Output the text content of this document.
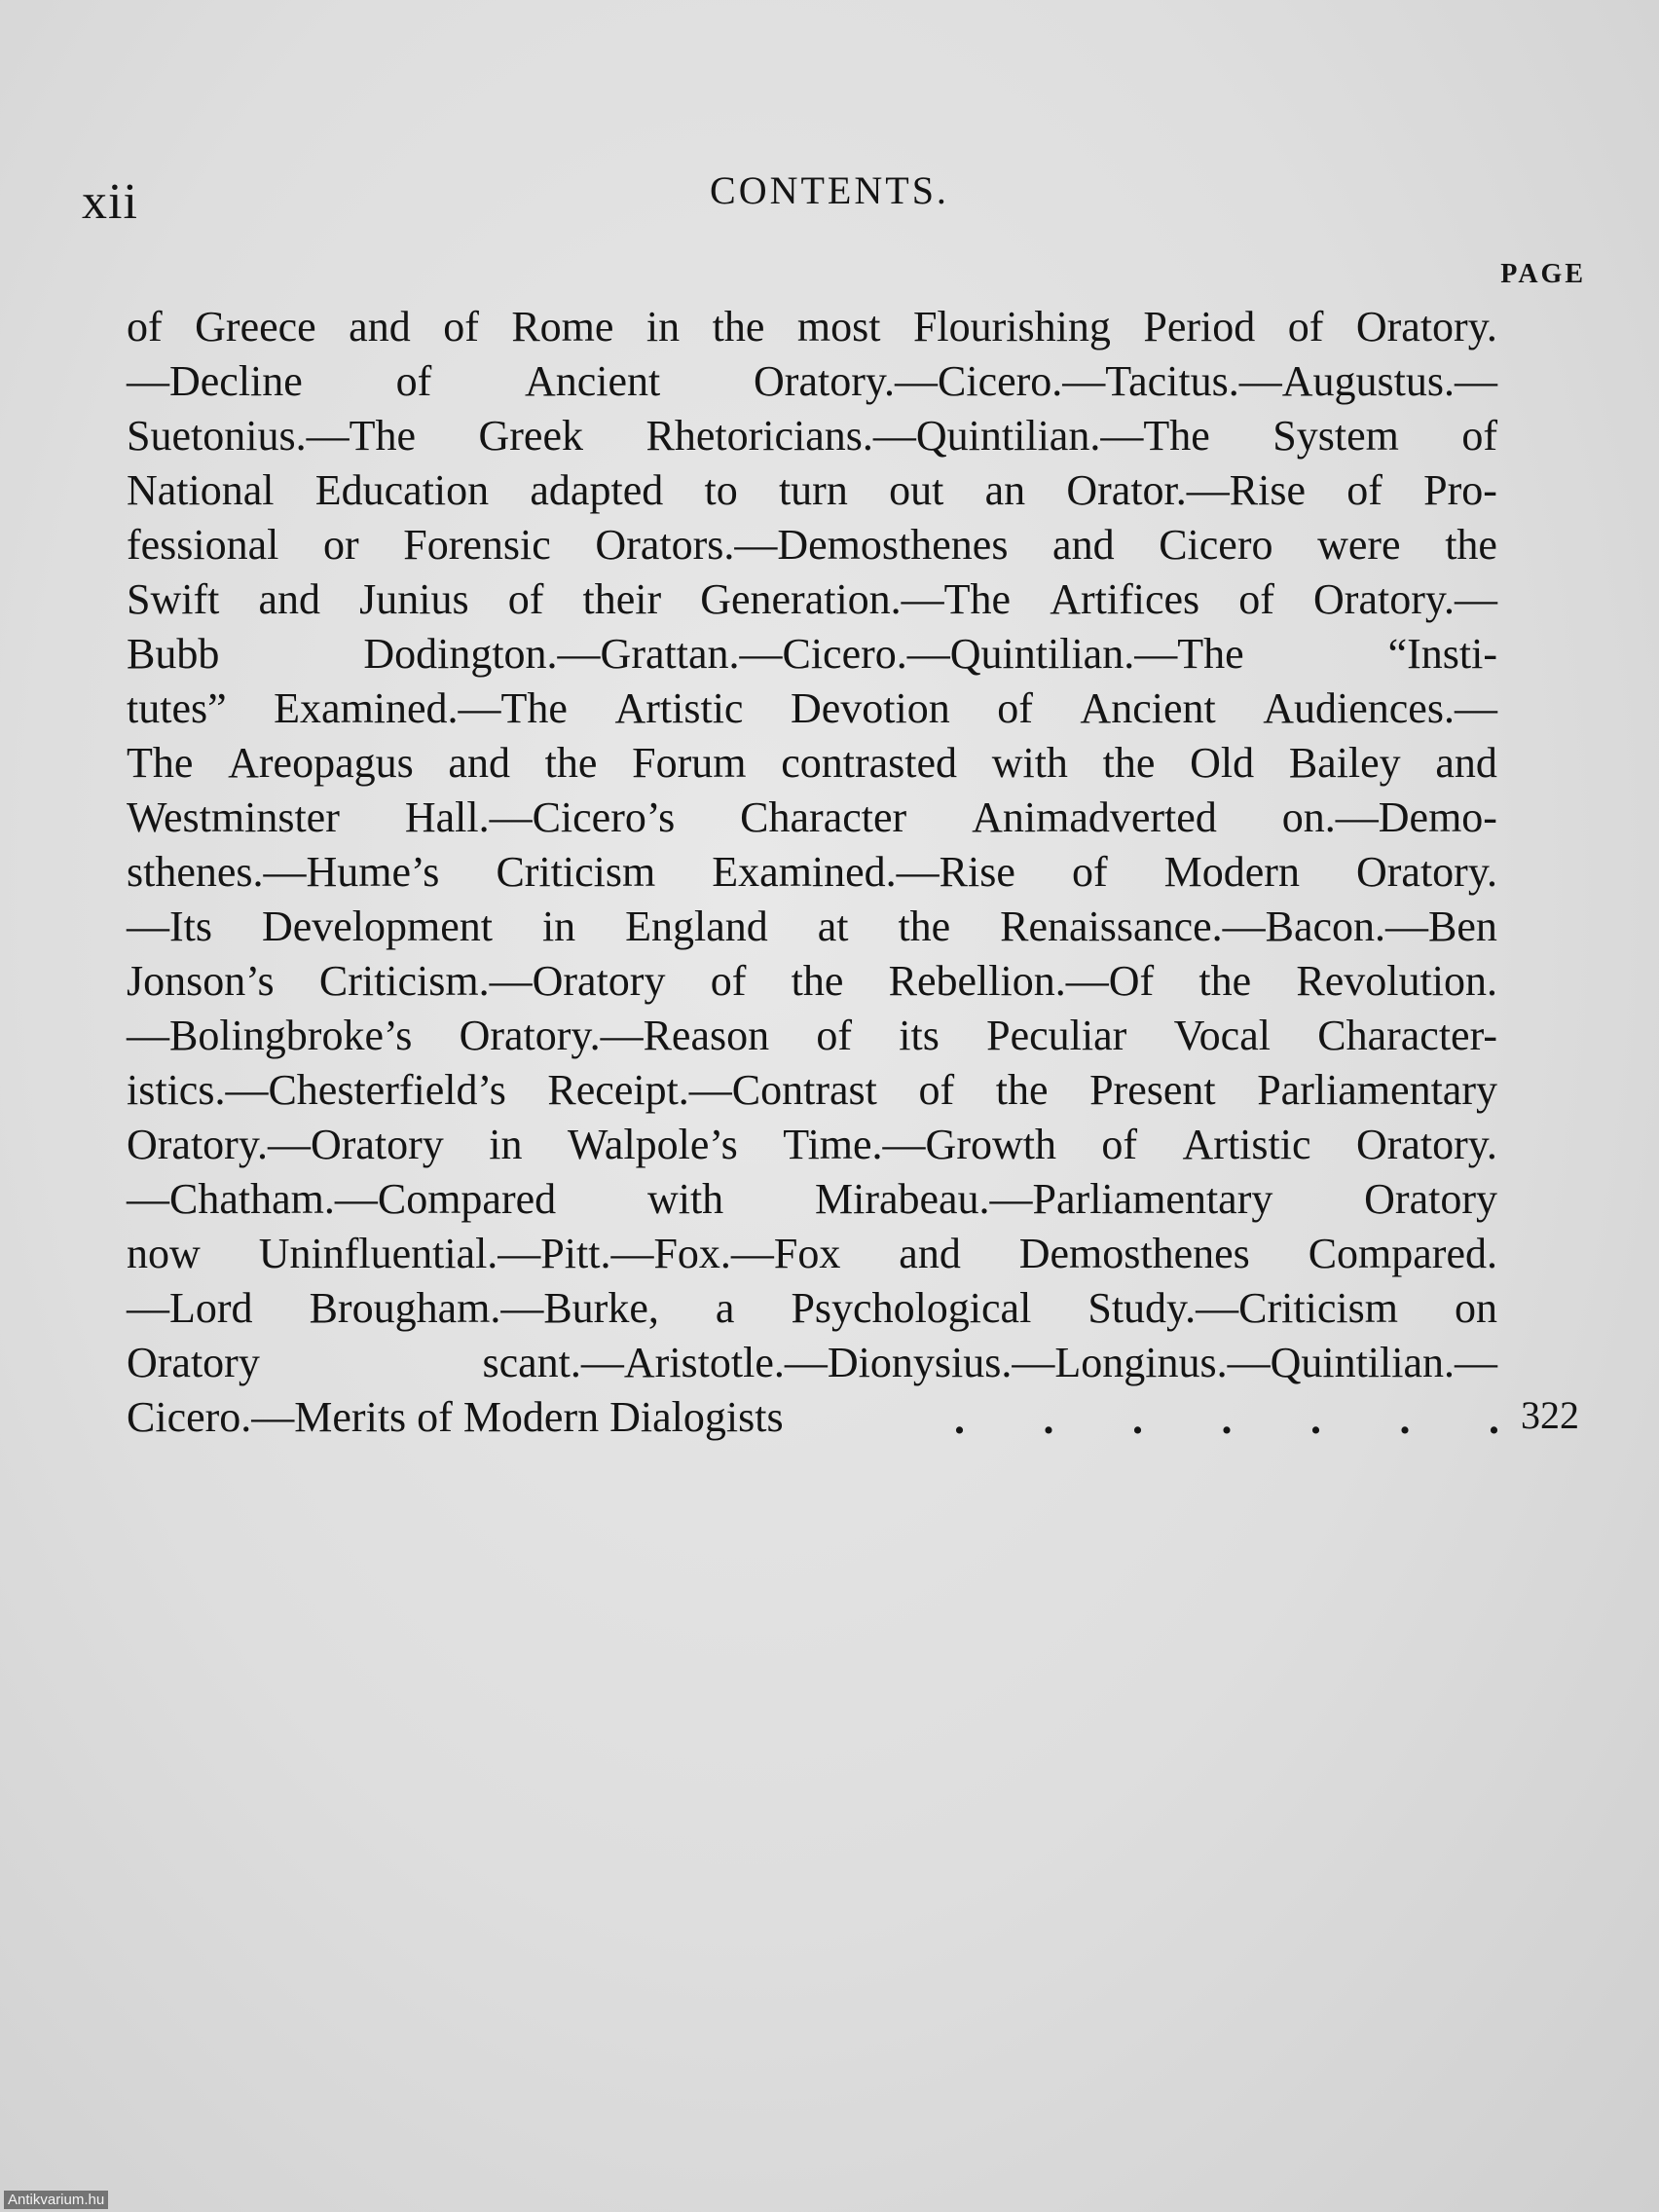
xii	CONTENTS.
PAGE

of Greece and of Rome in the most Flourishing Period of Oratory.
—Decline of Ancient Oratory.—Cicero.—Tacitus.—Augustus.—
Suetonius.—The Greek Rhetoricians.—Quintilian.—The System of
National Education adapted to turn out an Orator.—Rise of Pro-
fessional or Forensic Orators.—Demosthenes and Cicero were the
Swift and Junius of their Generation.—The Artifices of Oratory.—
Bubb	Dodington.—Grattan.—Cicero.—Quintilian.—The	“Insti-
tutes” Examined.—The Artistic Devotion of Ancient Audiences.—
The Areopagus and the Forum contrasted with the Old Bailey and
Westminster Hall.—Cicero’s Character Animadverted on.—Demo-
sthenes.—Hume’s Criticism Examined.—Rise of Modern Oratory.
—Its Development in England at the Renaissance.—Bacon.—Ben
Jonson’s Criticism.—Oratory of the Rebellion.—Of the Revolution.
—Bolingbroke’s Oratory.—Reason of its Peculiar Vocal Character-
istics.—Chesterfield’s Receipt.—Contrast of the Present Parliamentary
Oratory.—Oratory in Walpole’s Time.—Growth of Artistic Oratory.
—Chatham.—Compared with Mirabeau.—Parliamentary Oratory
now Uninfluential.—Pitt.—Fox.—Fox and Demosthenes Compared.
—Lord Brougham.—Burke, a Psychological Study.—Criticism on
Oratory	scant.—Aristotle.—Dionysius.—Longinus.—Quintilian.—
Cicero.—Merits of Modern Dialogists	. . . . . . . 322
Antikvarium.hu
